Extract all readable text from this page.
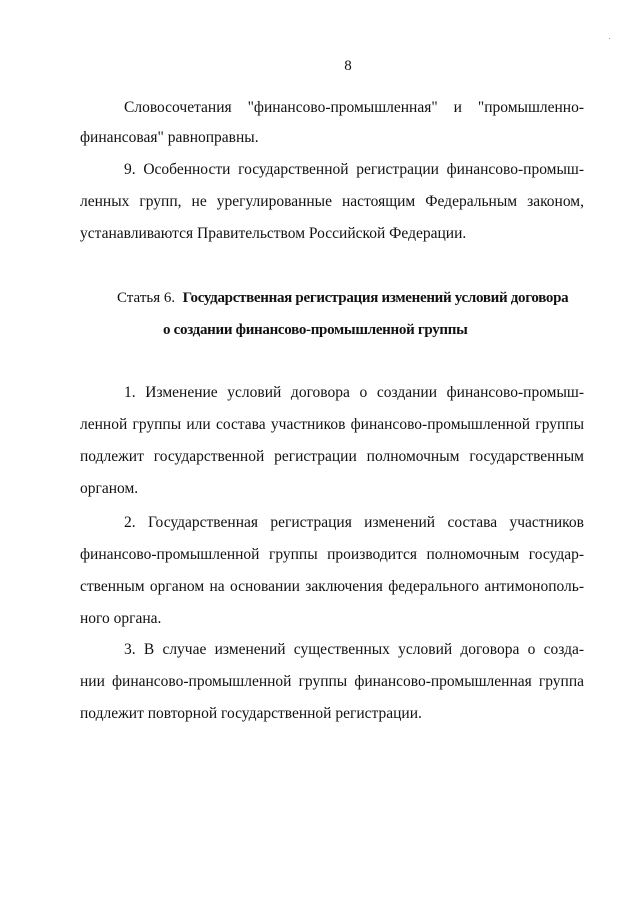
8
Словосочетания "финансово-промышленная" и "промышленно-
финансовая" равноправны.
9. Особенности государственной регистрации финансово-промыш-
ленных групп, не урегулированные настоящим Федеральным законом,
устанавливаются Правительством Российской Федерации.
Статья 6. Государственная регистрация изменений условий договора
о создании финансово-промышленной группы
1. Изменение условий договора о создании финансово-промыш-
ленной группы или состава участников финансово-промышленной группы
подлежит государственной регистрации полномочным государственным
органом.
2. Государственная регистрация изменений состава участников
финансово-промышленной группы производится полномочным государ-
ственным органом на основании заключения федерального антимонополь-
ного органа.
3. В случае изменений существенных условий договора о созда-
нии финансово-промышленной группы финансово-промышленная группа
подлежит повторной государственной регистрации.
